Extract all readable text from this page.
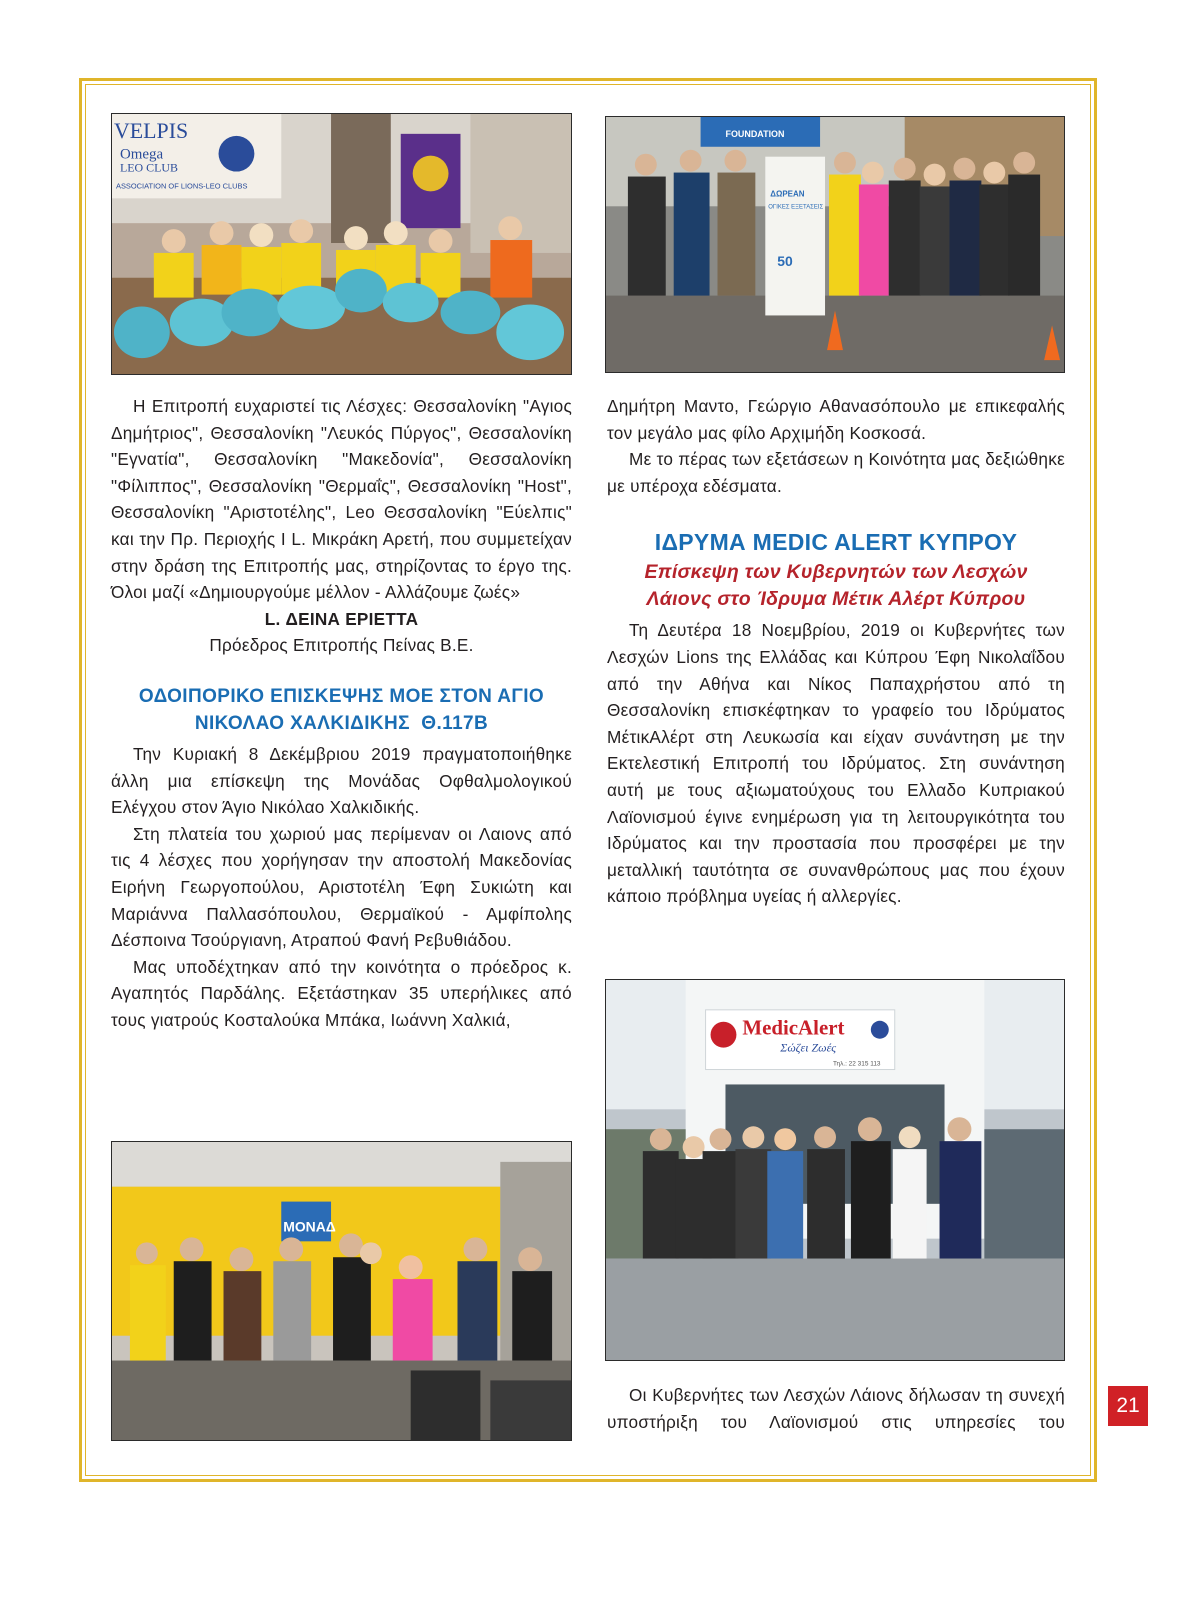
VELPIS
Omega
LEO CLUB
ASSOCIATION OF LIONS-LEO CLUBS
FOUNDATION
ΔΩΡΕΑΝ
ΟΓΙΚΕΣ ΕΞΕΤΑΣΕΙΣ
50

Η Επιτροπή ευχαριστεί τις Λέσχες: Θεσσαλονίκη "Αγιος Δημήτριος", Θεσσαλονίκη "Λευκός Πύργος", Θεσσαλονίκη "Εγνατία", Θεσσαλονίκη "Μακεδονία", Θεσσαλονίκη "Φίλιππος", Θεσσαλονίκη "Θερμαΐς", Θεσσαλονίκη "Host", Θεσσαλονίκη "Αριστοτέλης", Leo Θεσσαλονίκη "Εύελπις" και την Πρ. Περιοχής Ι L. Μικράκη Αρετή, που συμμετείχαν στην δράση της Επιτροπής μας, στηρίζοντας το έργο της. Όλοι μαζί «Δημιουργούμε μέλλον - Αλλάζουμε ζωές»

L. ΔΕΙΝΑ ΕΡΙΕΤΤΑ
Πρόεδρος Επιτροπής Πείνας Β.Ε.
ΟΔΟΙΠΟΡΙΚΟ ΕΠΙΣΚΕΨΗΣ ΜΟΕ ΣΤΟΝ ΑΓΙΟ
ΝΙΚΟΛΑΟ ΧΑΛΚΙΔΙΚΗΣ  Θ.117Β

Την Κυριακή 8 Δεκέμβριου 2019 πραγματοποιήθηκε άλλη μια επίσκεψη της Μονάδας Οφθαλμολογικού Ελέγχου στον Άγιο Νικόλαο Χαλκιδικής.

Στη πλατεία του χωριού μας περίμεναν οι Λαιονς από τις 4 λέσχες που χορήγησαν την αποστολή Μακεδονίας Ειρήνη Γεωργοπούλου, Αριστοτέλη Έφη Συκιώτη και Μαριάννα Παλλασόπουλου, Θερμαϊκού - Αμφίπολης Δέσποινα Τσούργιανη, Ατραπού Φανή Ρεβυθιάδου.

Μας υποδέχτηκαν από την κοινότητα ο πρόεδρος κ. Αγαπητός Παρδάλης. Εξετάστηκαν 35 υπερήλικες από τους γιατρούς Κοσταλούκα Μπάκα, Ιωάννη Χαλκιά,

ΜΟΝΑΔ

Δημήτρη Μαντο, Γεώργιο Αθανασόπουλο με επικεφαλής τον μεγάλο μας φίλο Αρχιμήδη Κοσκοσά.

Με το πέρας των εξετάσεων η Κοινότητα μας δεξιώθηκε με υπέροχα εδέσματα.

ΙΔΡΥΜΑ MEDIC ALERT ΚΥΠΡΟΥ
Επίσκεψη των Κυβερνητών των Λεσχών
Λάιονς στο Ίδρυμα Μέτικ Αλέρτ Κύπρου

Τη Δευτέρα 18 Νοεμβρίου, 2019 οι Κυβερνήτες των Λεσχών Lions της Ελλάδας και Κύπρου Έφη Νικολαΐδου από την Αθήνα και Νίκος Παπαχρήστου από τη Θεσσαλονίκη επισκέφτηκαν το γραφείο του Ιδρύματος ΜέτικΑλέρτ στη Λευκωσία και είχαν συνάντηση με την Εκτελεστική Επιτροπή του Ιδρύματος. Στη συνάντηση αυτή με τους αξιωματούχους του Ελλαδο Κυπριακού Λαϊονισμού έγινε ενημέρωση για τη λειτουργικότητα του Ιδρύματος και την προστασία που προσφέρει με την μεταλλική ταυτότητα σε συνανθρώπους μας που έχουν κάποιο πρόβλημα υγείας ή αλλεργίες.

MedicAlert
Σώζει Ζωές
Τηλ.: 22 315 113

Οι Κυβερνήτες των Λεσχών Λάιονς δήλωσαν τη συνεχή υποστήριξη του Λαϊονισμού στις υπηρεσίες του

21
